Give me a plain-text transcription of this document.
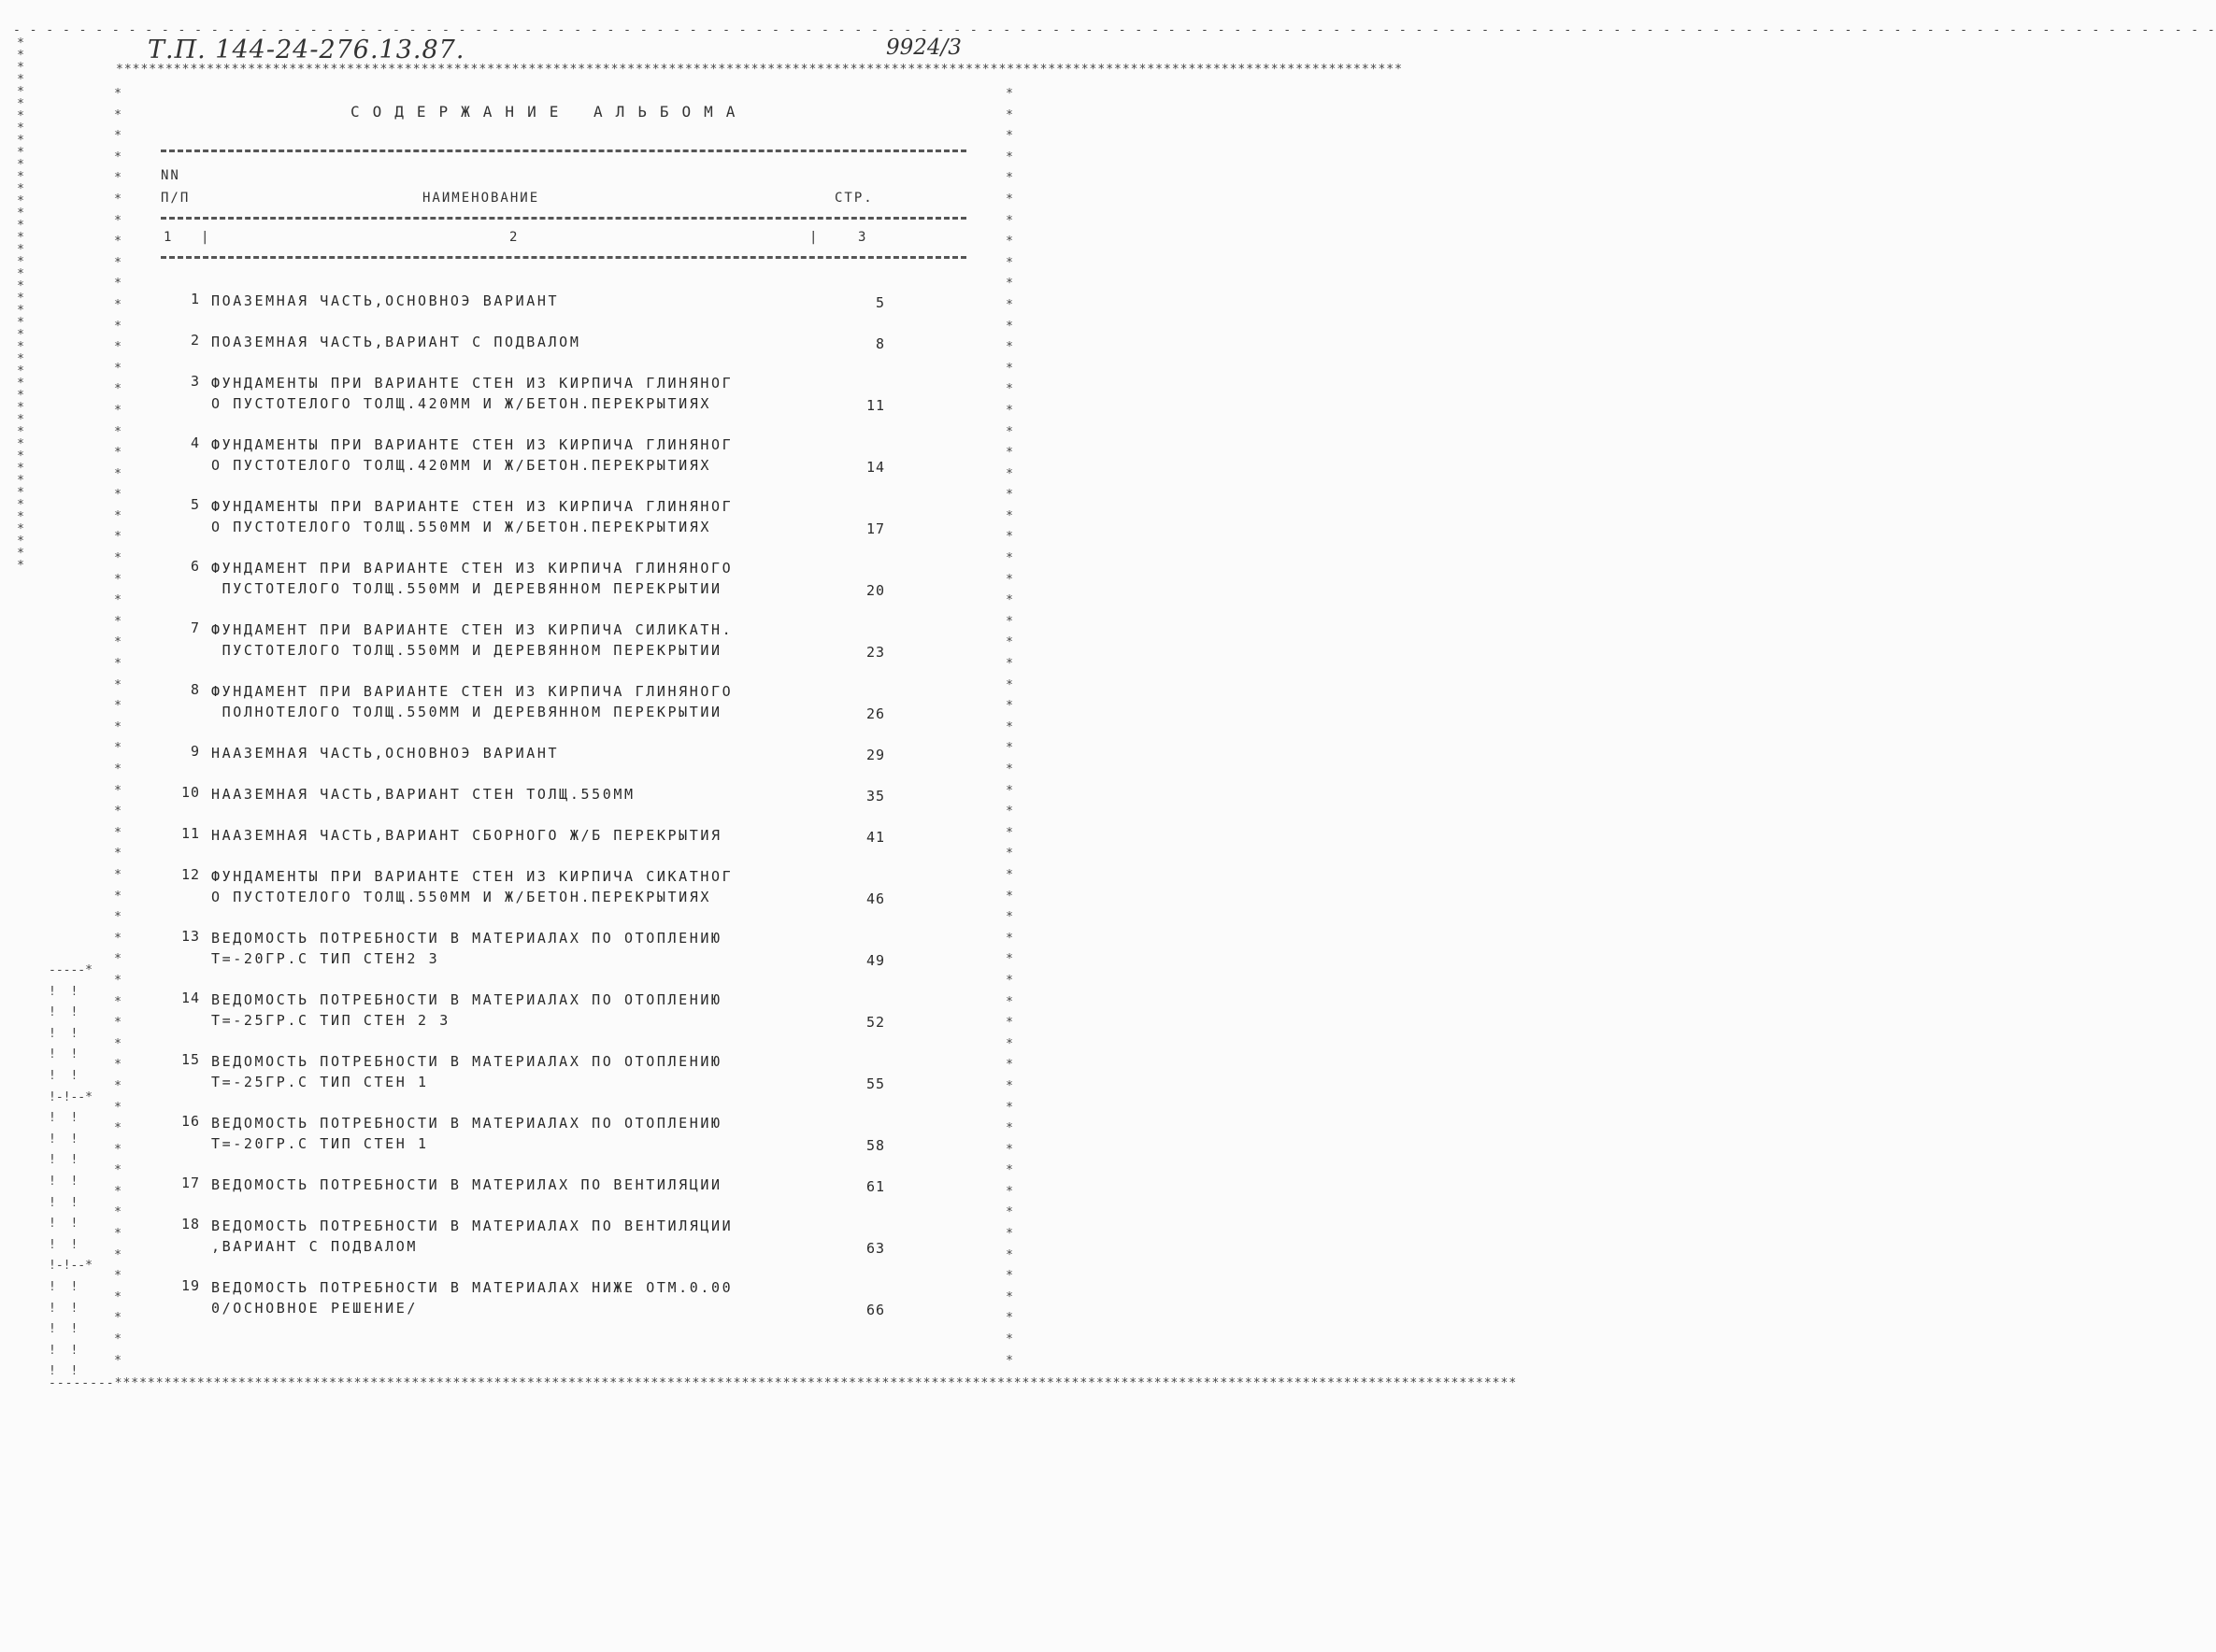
- - - - - - - - - - - - - - - - - - - - - - - - - - - - - - - - - - - - - - - - - - - - - - - - - - - - - - - - - - - - - - - - - - - - - - - - - - - - - - - - - - - - - - - - - - - - - - - - - - - - - - - - - - - - - - - - - - - - - - - - - - - - - - - - - - - - - -
************************************************************************************************************************************************************
--------**************************************************************************************************************************************************************************
*
*
*
*
*
*
*
*
*
*
*
*
*
*
*
*
*
*
*
*
*
*
*
*
*
*
*
*
*
*
*
*
*
*
*
*
*
*
*
*
*
*
*
*
*
*
*
*
*
*
*
*
*
*
*
*
*
*
*
*
*
*
*
*
*
*
*
*
*
*
*
*
*
*
*
*
*
*
*
*
*
*
*
*
*
*
*
*
*
*
*
*
*
*
*
*
*
*
*
*
*
*
*
*
*
*
*
*
*
*
*
*
*
*
*
*
*
*
*
*
*
*
*
*
*
*
*
*
*
*
*
*
*
*
*
*
*
*
*
*
*
*
*
*
*
*
*
*
*
*
*
*
*
*
*
*
*
*
*
*
*
*
*
*
*
*
-----*
!  !
!  !
!  !
!  !
!  !
!-!--*
!  !
!  !
!  !
!  !
!  !
!  !
!  !
!-!--*
!  !
!  !
!  !
!  !
!  !
Т.П. 144-24-276.13.87.	9924/3
СОДЕРЖАНИЕ АЛЬБОМА
NN
П/П	НАИМЕНОВАНИЕ	СТР.
1 |	2	|	3
1 ПОАЗЕМНАЯ ЧАСТЬ,ОСНОВНОЭ ВАРИАНТ	5
2 ПОАЗЕМНАЯ ЧАСТЬ,ВАРИАНТ С ПОДВАЛОМ	8
3 ФУНДАМЕНТЫ ПРИ ВАРИАНТЕ СТЕН ИЗ КИРПИЧА ГЛИНЯНОГ
О ПУСТОТЕЛОГО ТОЛЩ.420ММ И Ж/БЕТОН.ПЕРЕКРЫТИЯХ	11
4 ФУНДАМЕНТЫ ПРИ ВАРИАНТЕ СТЕН ИЗ КИРПИЧА ГЛИНЯНОГ
О ПУСТОТЕЛОГО ТОЛЩ.420ММ И Ж/БЕТОН.ПЕРЕКРЫТИЯХ	14
5 ФУНДАМЕНТЫ ПРИ ВАРИАНТЕ СТЕН ИЗ КИРПИЧА ГЛИНЯНОГ
О ПУСТОТЕЛОГО ТОЛЩ.550ММ И Ж/БЕТОН.ПЕРЕКРЫТИЯХ	17
6 ФУНДАМЕНТ ПРИ ВАРИАНТЕ СТЕН ИЗ КИРПИЧА ГЛИНЯНОГО
ПУСТОТЕЛОГО ТОЛЩ.550ММ И ДЕРЕВЯННОМ ПЕРЕКРЫТИИ	20
7 ФУНДАМЕНТ ПРИ ВАРИАНТЕ СТЕН ИЗ КИРПИЧА СИЛИКАТН.
ПУСТОТЕЛОГО ТОЛЩ.550ММ И ДЕРЕВЯННОМ ПЕРЕКРЫТИИ	23
8 ФУНДАМЕНТ ПРИ ВАРИАНТЕ СТЕН ИЗ КИРПИЧА ГЛИНЯНОГО
ПОЛНОТЕЛОГО ТОЛЩ.550ММ И ДЕРЕВЯННОМ ПЕРЕКРЫТИИ	26
9 НААЗЕМНАЯ ЧАСТЬ,ОСНОВНОЭ ВАРИАНТ	29
10 НААЗЕМНАЯ ЧАСТЬ,ВАРИАНТ СТЕН ТОЛЩ.550ММ	35
11 НААЗЕМНАЯ ЧАСТЬ,ВАРИАНТ СБОРНОГО Ж/Б ПЕРЕКРЫТИЯ	41
12 ФУНДАМЕНТЫ ПРИ ВАРИАНТЕ СТЕН ИЗ КИРПИЧА СИКАТНОГ
О ПУСТОТЕЛОГО ТОЛЩ.550ММ И Ж/БЕТОН.ПЕРЕКРЫТИЯХ	46
13 ВЕДОМОСТЬ ПОТРЕБНОСТИ В МАТЕРИАЛАХ ПО ОТОПЛЕНИЮ
Т=-20ГР.С ТИП СТЕН2 3	49
14 ВЕДОМОСТЬ ПОТРЕБНОСТИ В МАТЕРИАЛАХ ПО ОТОПЛЕНИЮ
Т=-25ГР.С ТИП СТЕН 2 3	52
15 ВЕДОМОСТЬ ПОТРЕБНОСТИ В МАТЕРИАЛАХ ПО ОТОПЛЕНИЮ
Т=-25ГР.С ТИП СТЕН 1	55
16 ВЕДОМОСТЬ ПОТРЕБНОСТИ В МАТЕРИАЛАХ ПО ОТОПЛЕНИЮ
Т=-20ГР.С ТИП СТЕН 1	58
17 ВЕДОМОСТЬ ПОТРЕБНОСТИ В МАТЕРИЛАХ ПО ВЕНТИЛЯЦИИ	61
18 ВЕДОМОСТЬ ПОТРЕБНОСТИ В МАТЕРИАЛАХ ПО ВЕНТИЛЯЦИИ
,ВАРИАНТ С ПОДВАЛОМ	63
19 ВЕДОМОСТЬ ПОТРЕБНОСТИ В МАТЕРИАЛАХ НИЖЕ ОТМ.0.00
0/ОСНОВНОЕ РЕШЕНИЕ/	66
